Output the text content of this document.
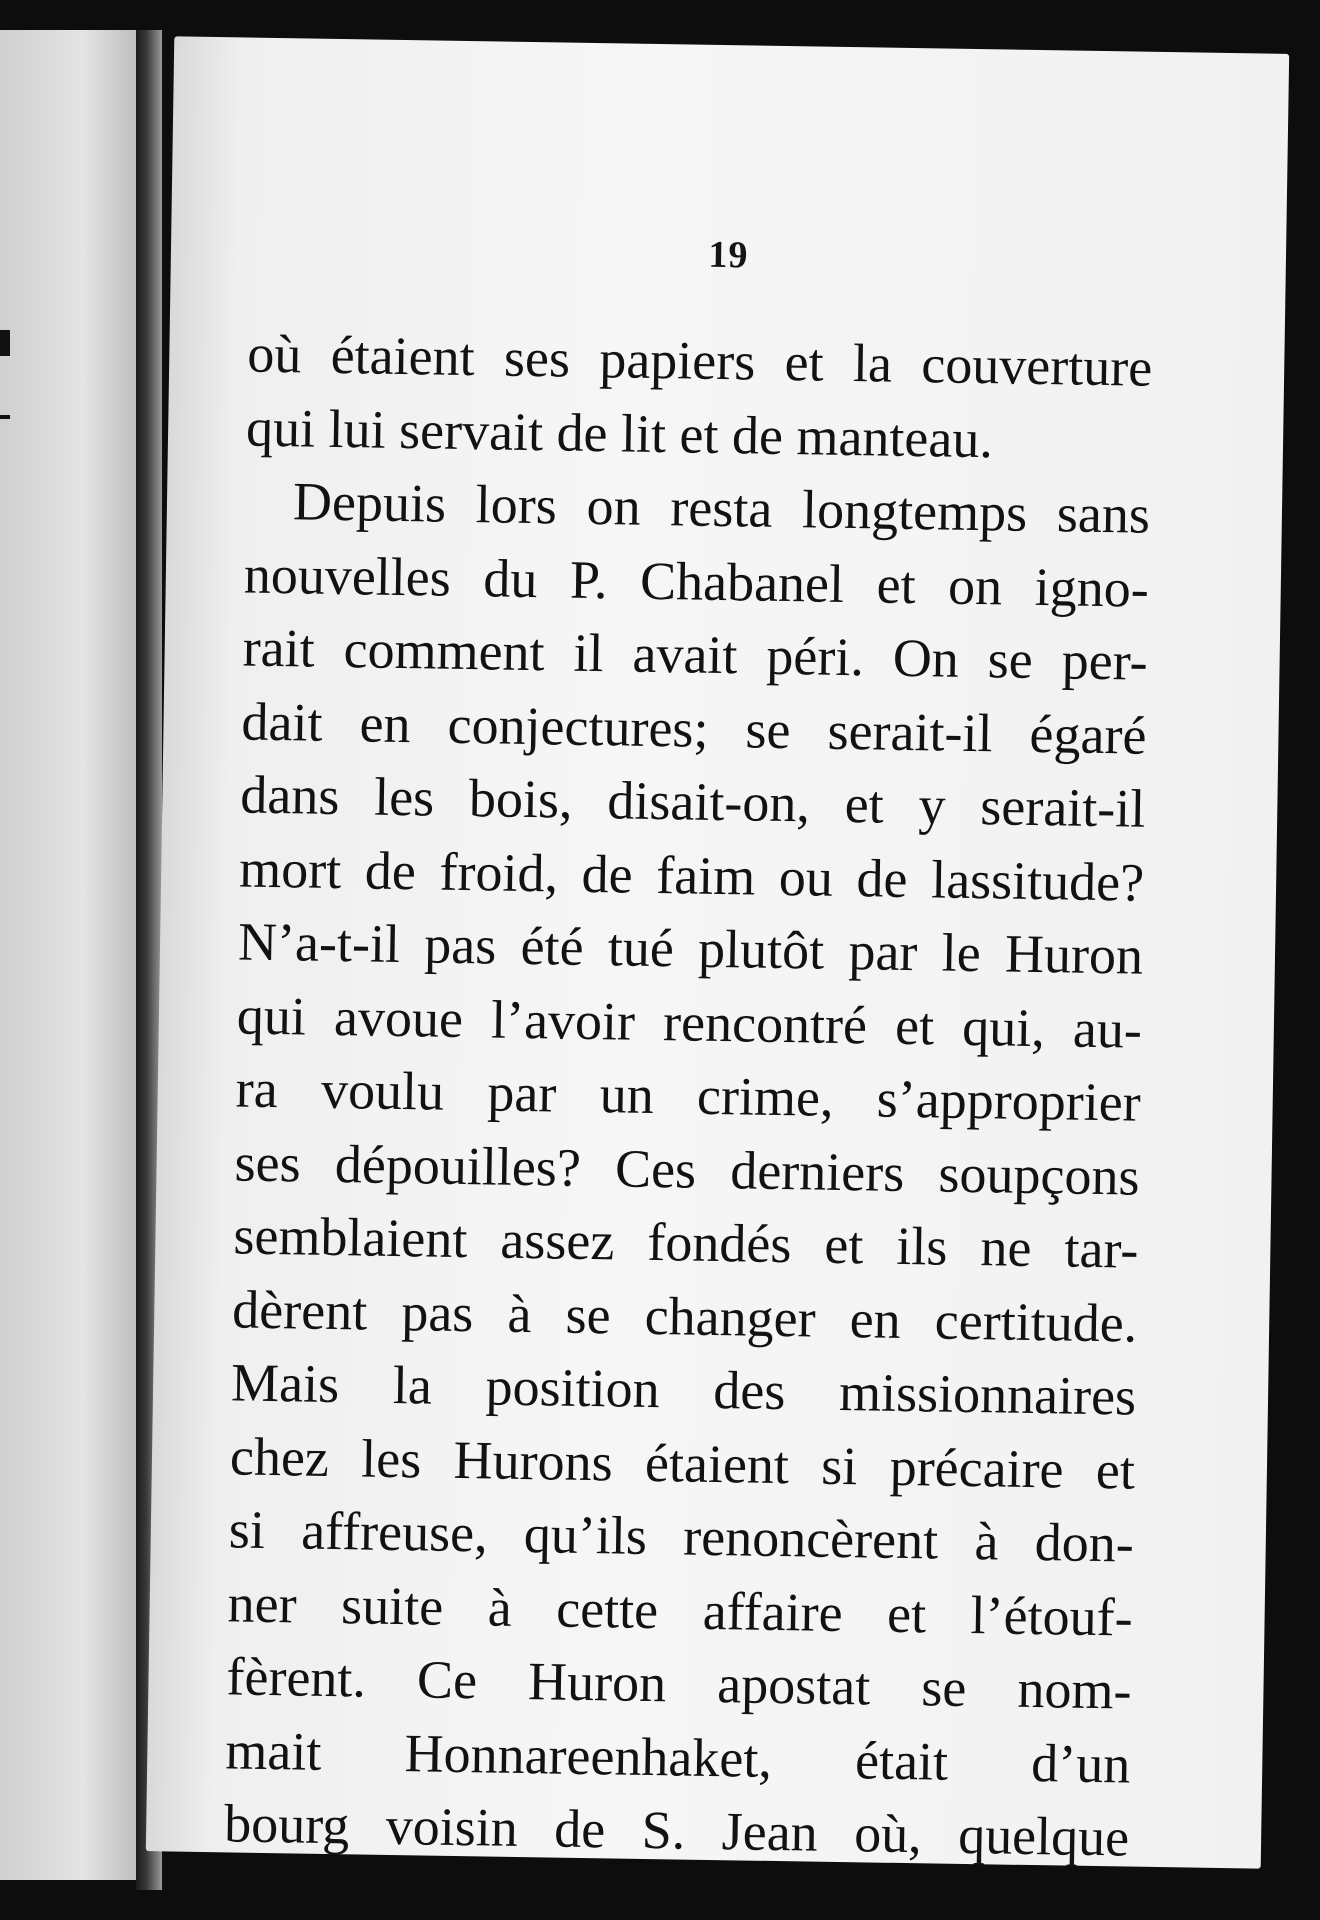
19
où étaient ses papiers et la couverture
qui lui servait de lit et de manteau.
Depuis lors on resta longtemps sans
nouvelles du P. Chabanel et on igno-
rait comment il avait péri. On se per-
dait en conjectures; se serait-il égaré
dans les bois, disait-on, et y serait-il
mort de froid, de faim ou de lassitude?
N’a-t-il pas été tué plutôt par le Huron
qui avoue l’avoir rencontré et qui, au-
ra voulu par un crime, s’approprier
ses dépouilles? Ces derniers soupçons
semblaient assez fondés et ils ne tar-
dèrent pas à se changer en certitude.
Mais la position des missionnaires
chez les Hurons étaient si précaire et
si affreuse, qu’ils renoncèrent à don-
ner suite à cette affaire et l’étouf-
fèrent. Ce Huron apostat se nom-
mait Honnareenhaket, était d’un
bourg voisin de S. Jean où, quelque
